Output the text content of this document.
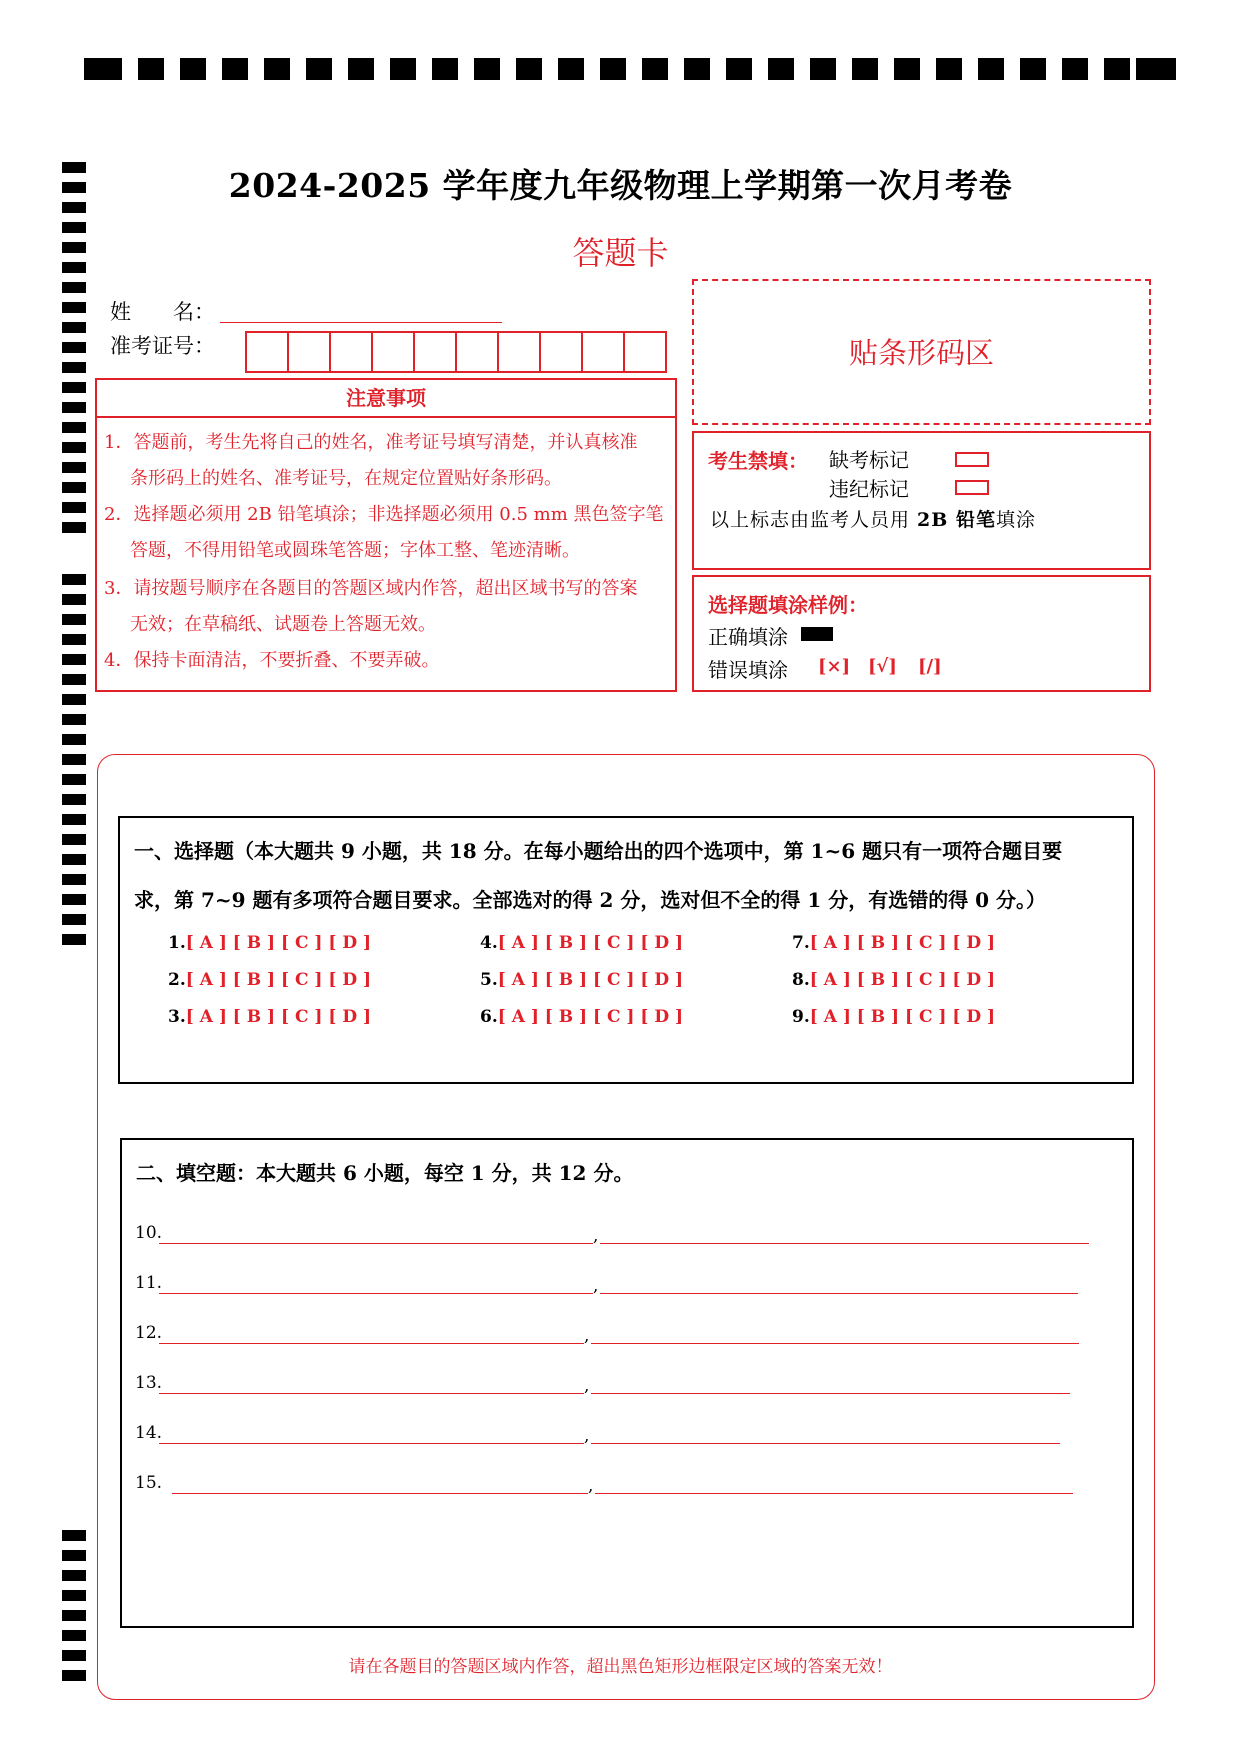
2024-2025 学年度九年级物理上学期第一次月考卷
答题卡
姓　　名：
准考证号：
注意事项
1．答题前，考生先将自己的姓名，准考证号填写清楚，并认真核准
条形码上的姓名、准考证号，在规定位置贴好条形码。
2．选择题必须用 2B 铅笔填涂；非选择题必须用 0.5 mm 黑色签字笔
答题，不得用铅笔或圆珠笔答题；字体工整、笔迹清晰。
3．请按题号顺序在各题目的答题区域内作答，超出区域书写的答案
无效；在草稿纸、试题卷上答题无效。
4．保持卡面清洁，不要折叠、不要弄破。
贴条形码区
考生禁填： 缺考标记
违纪标记
以上标志由监考人员用 2B 铅笔填涂
选择题填涂样例：
正确填涂
错误填涂 [×] [√] [/]
一、选择题（本大题共 9 小题，共 18 分。在每小题给出的四个选项中，第 1~6 题只有一项符合题目要
求，第 7~9 题有多项符合题目要求。全部选对的得 2 分，选对但不全的得 1 分，有选错的得 0 分。）
1.[ A ] [ B ] [ C ] [ D ]
2.[ A ] [ B ] [ C ] [ D ]
3.[ A ] [ B ] [ C ] [ D ]
4.[ A ] [ B ] [ C ] [ D ]
5.[ A ] [ B ] [ C ] [ D ]
6.[ A ] [ B ] [ C ] [ D ]
7.[ A ] [ B ] [ C ] [ D ]
8.[ A ] [ B ] [ C ] [ D ]
9.[ A ] [ B ] [ C ] [ D ]
二、填空题：本大题共 6 小题，每空 1 分，共 12 分。
10.	,
11.	,
12.	,
13.	,
14.	,
15.	,
请在各题目的答题区域内作答，超出黑色矩形边框限定区域的答案无效！
